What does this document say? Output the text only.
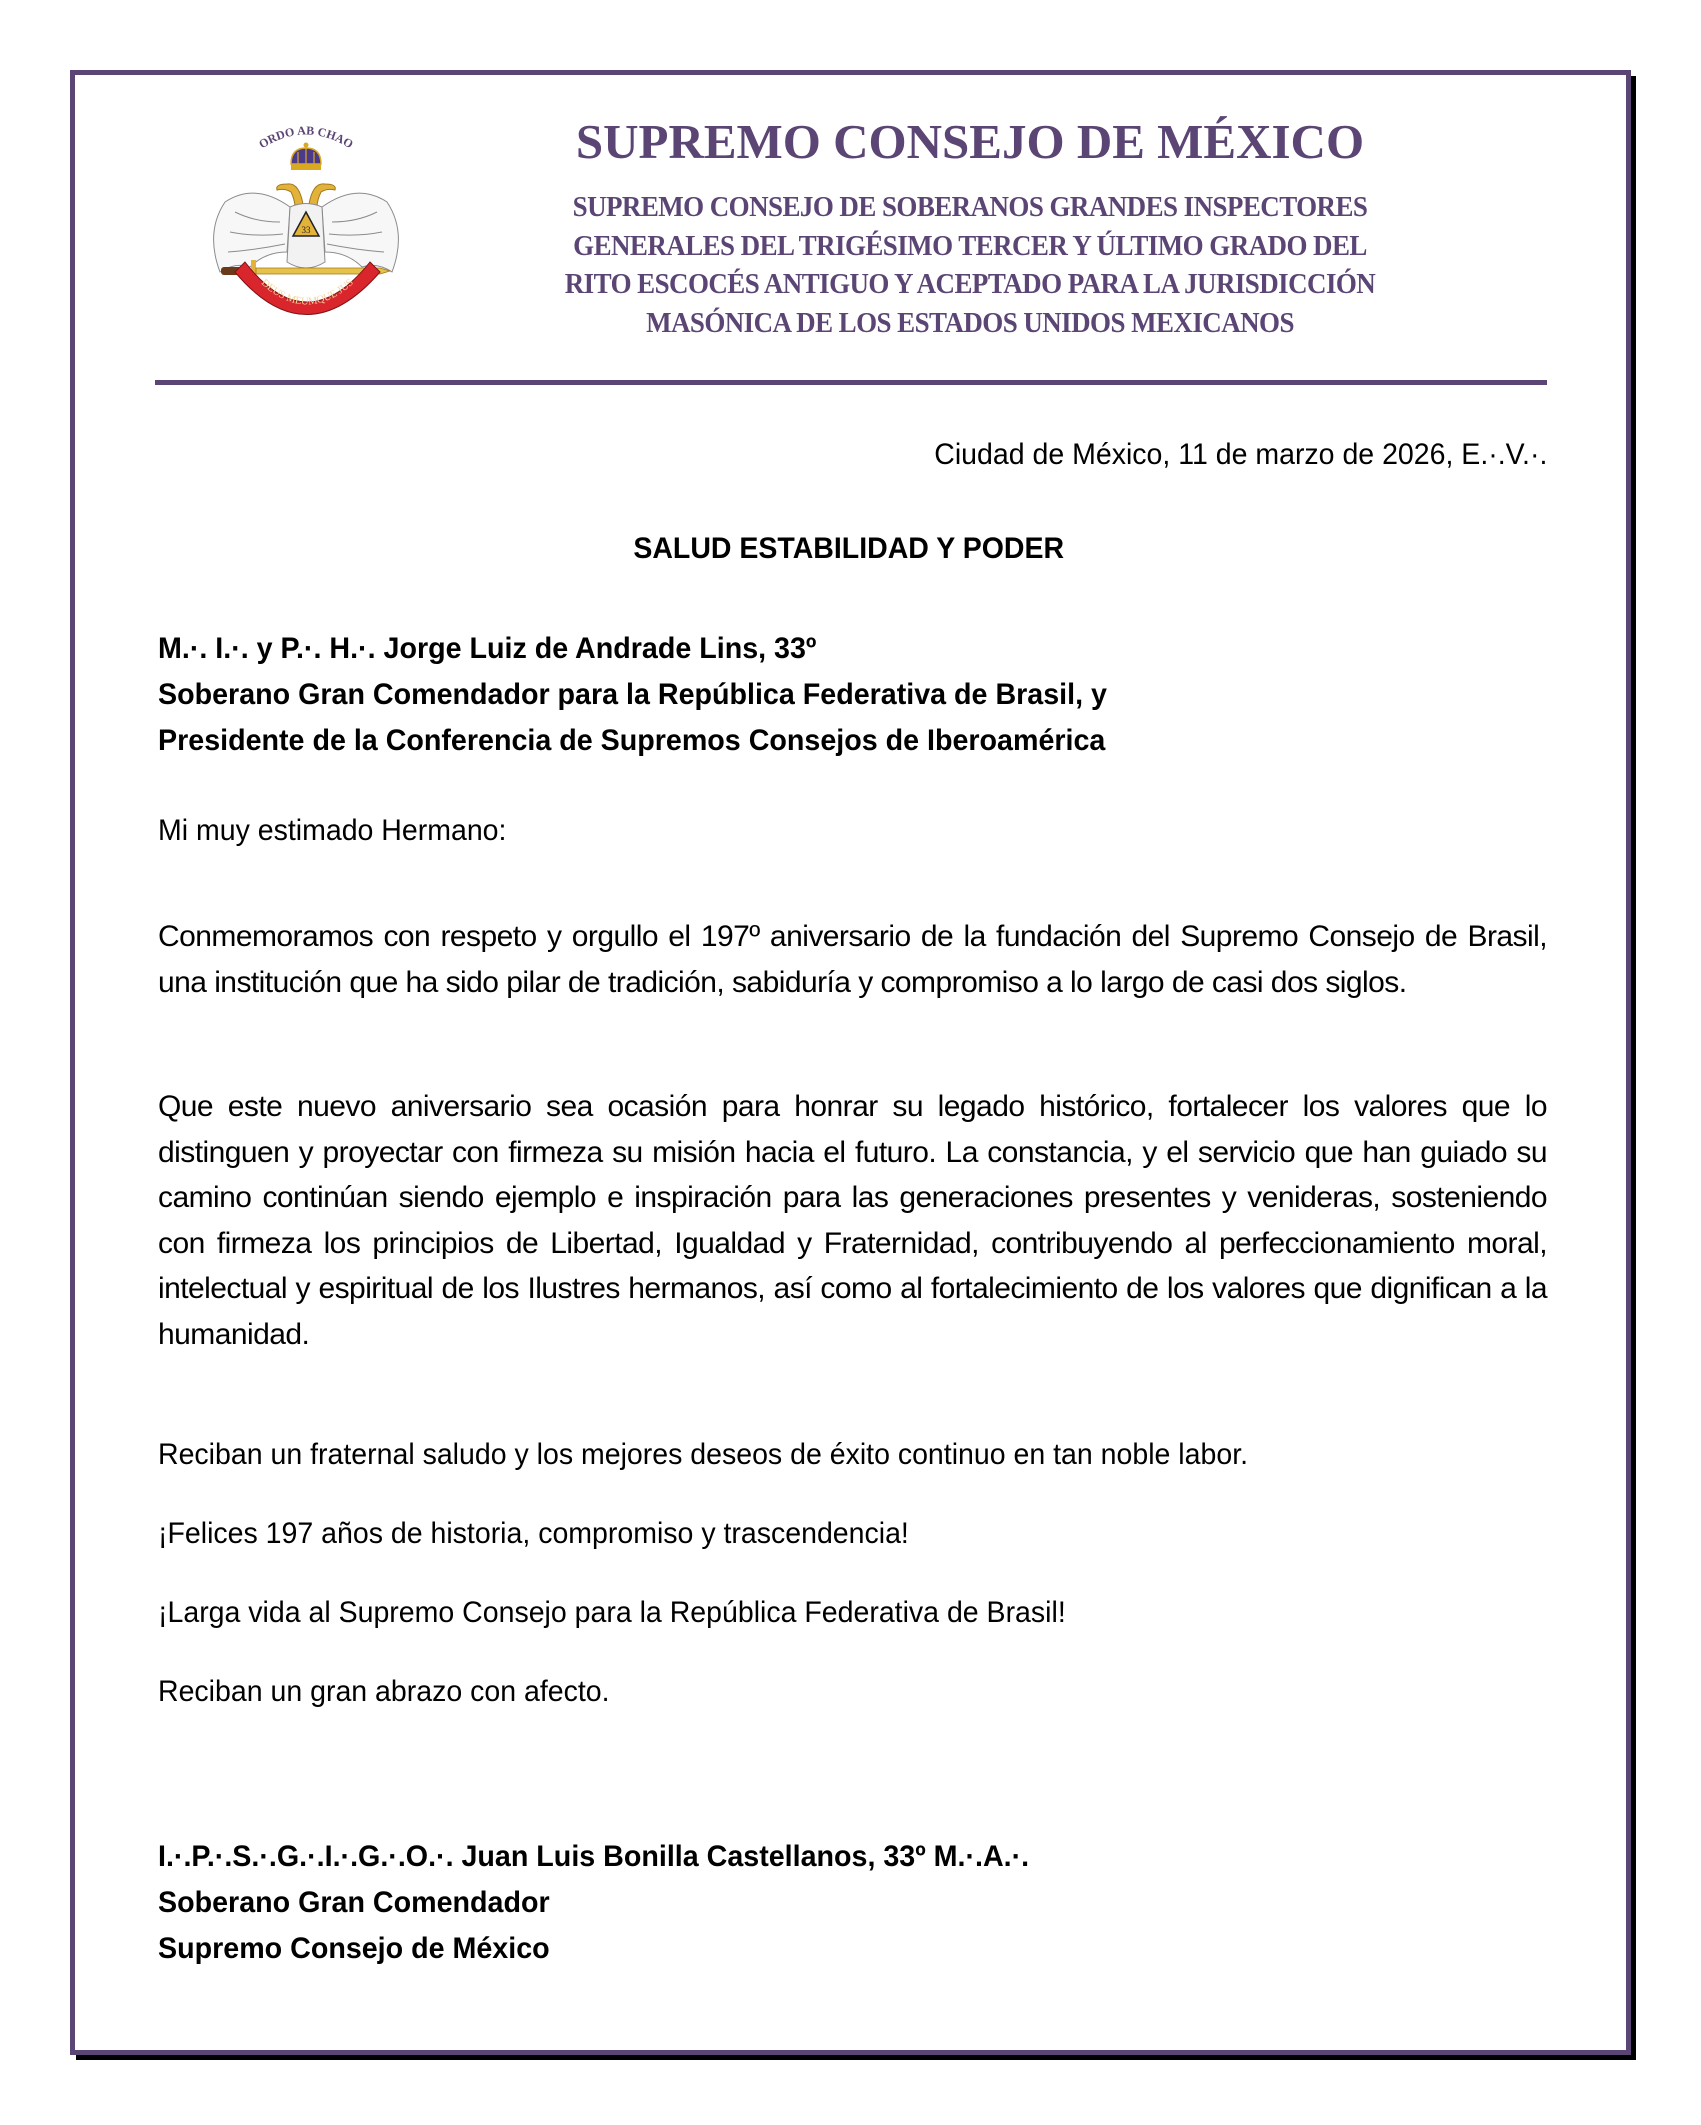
ORDO AB CHAO
33
DEUS MEUMQUE JUS
SUPREMO CONSEJO DE MÉXICO
SUPREMO CONSEJO DE SOBERANOS GRANDES INSPECTORES
GENERALES DEL TRIGÉSIMO TERCER Y ÚLTIMO GRADO DEL
RITO ESCOCÉS ANTIGUO Y ACEPTADO PARA LA JURISDICCIÓN
MASÓNICA DE LOS ESTADOS UNIDOS MEXICANOS
Ciudad de México, 11 de marzo de 2026, E.·.V.·.
SALUD ESTABILIDAD Y PODER
M.·. I.·. y P.·. H.·. Jorge Luiz de Andrade Lins, 33º
Soberano Gran Comendador para la República Federativa de Brasil, y
Presidente de la Conferencia de Supremos Consejos de Iberoamérica
Mi muy estimado Hermano:
Conmemoramos con respeto y orgullo el 197º aniversario de la fundación del Supremo Consejo de Brasil, una institución que ha sido pilar de tradición, sabiduría y compromiso a lo largo de casi dos siglos.
Que este nuevo aniversario sea ocasión para honrar su legado histórico, fortalecer los valores que lo distinguen y proyectar con firmeza su misión hacia el futuro. La constancia, y el servicio que han guiado su camino continúan siendo ejemplo e inspiración para las generaciones presentes y venideras, sosteniendo con firmeza los principios de Libertad, Igualdad y Fraternidad, contribuyendo al perfeccionamiento moral, intelectual y espiritual de los Ilustres hermanos, así como al fortalecimiento de los valores que dignifican a la humanidad.
Reciban un fraternal saludo y los mejores deseos de éxito continuo en tan noble labor.
¡Felices 197 años de historia, compromiso y trascendencia!
¡Larga vida al Supremo Consejo para la República Federativa de Brasil!
Reciban un gran abrazo con afecto.
I.·.P.·.S.·.G.·.I.·.G.·.O.·. Juan Luis Bonilla Castellanos, 33º M.·.A.·.
Soberano Gran Comendador
Supremo Consejo de México
